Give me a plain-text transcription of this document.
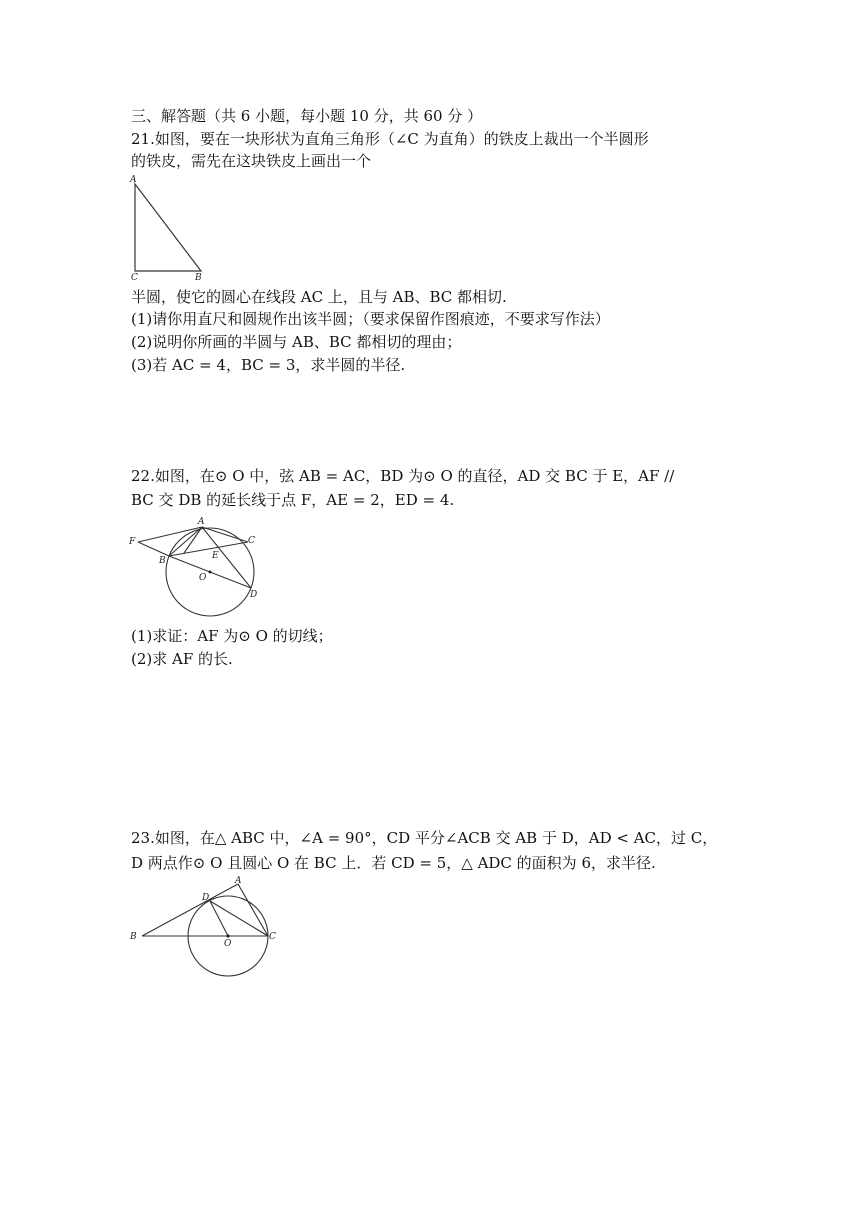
三、解答题（共 6 小题，每小题 10 分，共 60 分 ）
21.如图，要在一块形状为直角三角形（∠C 为直角）的铁皮上裁出一个半圆形
的铁皮，需先在这块铁皮上画出一个
A
C	B
半圆，使它的圆心在线段 AC 上，且与 AB、BC 都相切.
(1)请你用直尺和圆规作出该半圆；（要求保留作图痕迹，不要求写作法）
(2)说明你所画的半圆与 AB、BC 都相切的理由；
(3)若 AC = 4，BC = 3，求半圆的半径.
22.如图，在⊙ O 中，弦 AB = AC，BD 为⊙ O 的直径，AD 交 BC 于 E，AF //
BC 交 DB 的延长线于点 F，AE = 2，ED = 4.
A
C
F
B	E
O
D
(1)求证：AF 为⊙ O 的切线；
(2)求 AF 的长.
23.如图，在△ ABC 中，∠A = 90°，CD 平分∠ACB 交 AB 于 D，AD < AC，过 C，
D 两点作⊙ O 且圆心 O 在 BC 上．若 CD = 5，△ ADC 的面积为 6，求半径.
A
D
B	C
O
